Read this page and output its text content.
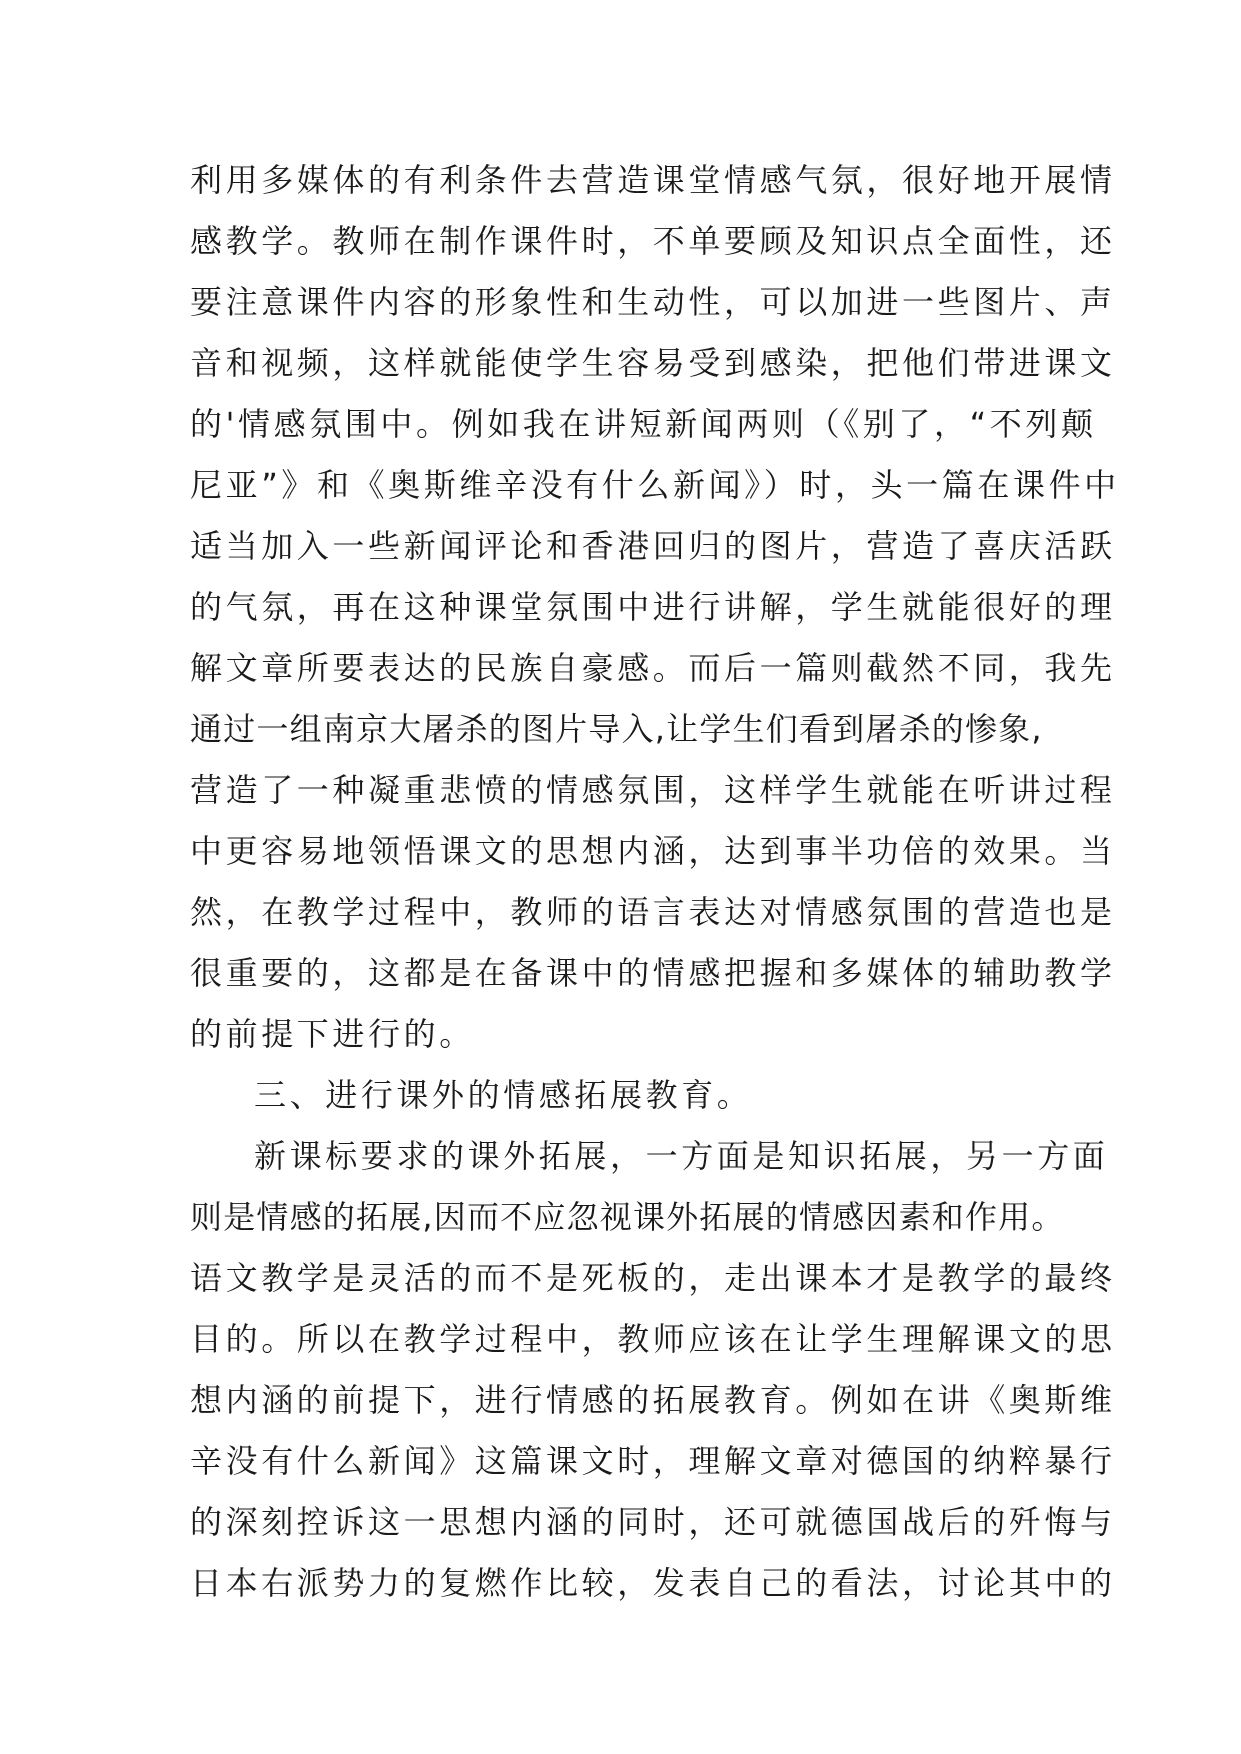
利用多媒体的有利条件去营造课堂情感气氛，很好地开展情
感教学。教师在制作课件时，不单要顾及知识点全面性，还
要注意课件内容的形象性和生动性，可以加进一些图片、声
音和视频，这样就能使学生容易受到感染，把他们带进课文
的'情感氛围中。例如我在讲短新闻两则（《别了，“不列颠
尼亚”》和《奥斯维辛没有什么新闻》）时，头一篇在课件中
适当加入一些新闻评论和香港回归的图片，营造了喜庆活跃
的气氛，再在这种课堂氛围中进行讲解，学生就能很好的理
解文章所要表达的民族自豪感。而后一篇则截然不同，我先
通过一组南京大屠杀的图片导入,让学生们看到屠杀的惨象,
营造了一种凝重悲愤的情感氛围，这样学生就能在听讲过程
中更容易地领悟课文的思想内涵，达到事半功倍的效果。当
然，在教学过程中，教师的语言表达对情感氛围的营造也是
很重要的，这都是在备课中的情感把握和多媒体的辅助教学
的前提下进行的。
三、进行课外的情感拓展教育。
新课标要求的课外拓展，一方面是知识拓展，另一方面
则是情感的拓展,因而不应忽视课外拓展的情感因素和作用。
语文教学是灵活的而不是死板的，走出课本才是教学的最终
目的。所以在教学过程中，教师应该在让学生理解课文的思
想内涵的前提下，进行情感的拓展教育。例如在讲《奥斯维
辛没有什么新闻》这篇课文时，理解文章对德国的纳粹暴行
的深刻控诉这一思想内涵的同时，还可就德国战后的歼悔与
日本右派势力的复燃作比较，发表自己的看法，讨论其中的
